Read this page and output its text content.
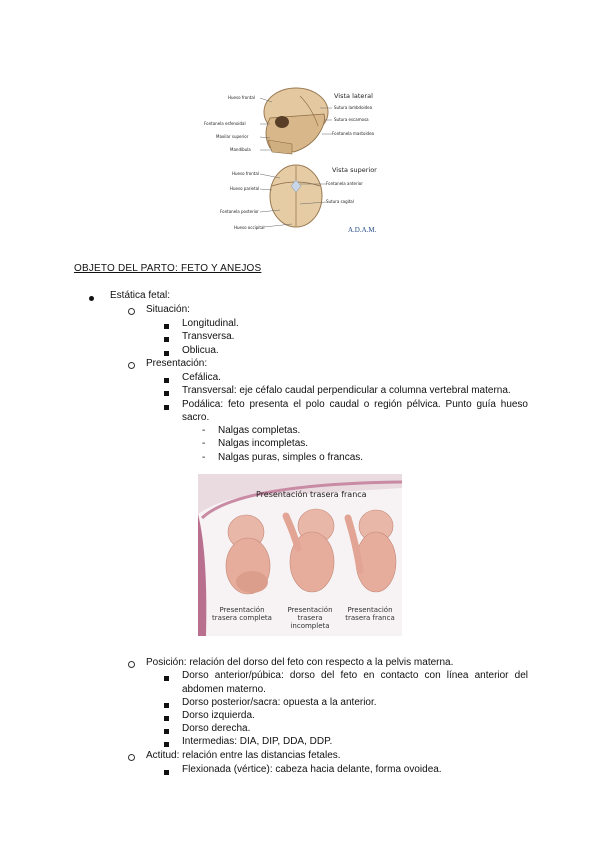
Hueso frontal
Fontanela esfenoidal
Maxilar superior
Mandíbula
Sutura lambdoidea
Sutura escamosa
Fontanela mastoidea
Hueso frontal
Hueso parietal
Fontanela posterior
Hueso occipital
Fontanela anterior
Sutura sagital
Vista lateral
Vista superior
A.D.A.M.
OBJETO DEL PARTO: FETO Y ANEJOS
Estática fetal:
Situación:
Longitudinal.
Transversa.
Oblicua.
Presentación:
Cefálica.
Transversal: eje céfalo caudal perpendicular a columna vertebral materna.
Podálica: feto presenta el polo caudal o región pélvica. Punto guía hueso
sacro.
- Nalgas completas.
- Nalgas incompletas.
- Nalgas puras, simples o francas.
Presentación trasera franca
Presentación
trasera completa
Presentación
trasera
incompleta
Presentación
trasera franca
Posición: relación del dorso del feto con respecto a la pelvis materna.
Dorso anterior/púbica: dorso del feto en contacto con línea anterior del
abdomen materno.
Dorso posterior/sacra: opuesta a la anterior.
Dorso izquierda.
Dorso derecha.
Intermedias: DIA, DIP, DDA, DDP.
Actitud: relación entre las distancias fetales.
Flexionada (vértice): cabeza hacia delante, forma ovoidea.
